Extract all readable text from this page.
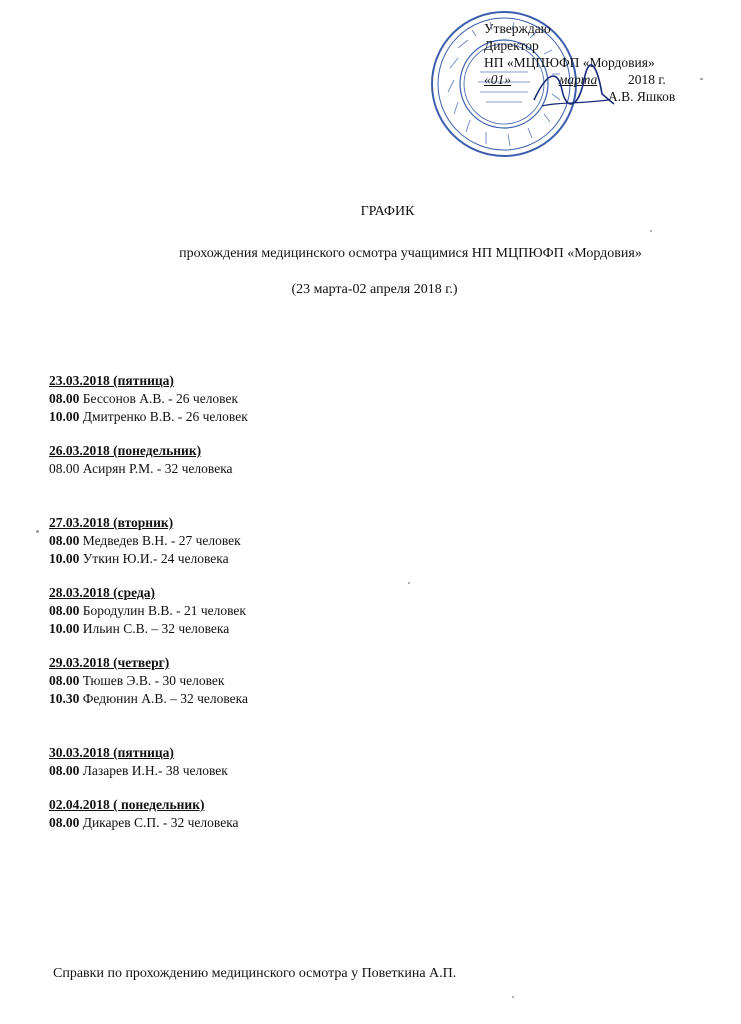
Утверждаю
Директор
НП «МЦПЮФП «Мордовия»
«01»	марта 2018 г.
А.В. Яшков
ГРАФИК
прохождения медицинского осмотра учащимися НП МЦПЮФП «Мордовия»
(23 марта-02 апреля 2018 г.)
23.03.2018 (пятница)
08.00 Бессонов А.В. - 26 человек
10.00 Дмитренко В.В. - 26 человек
26.03.2018 (понедельник)
08.00 Асирян Р.М. - 32 человека
27.03.2018 (вторник)
08.00 Медведев В.Н. - 27 человек
10.00 Уткин Ю.И.- 24 человека
28.03.2018 (среда)
08.00 Бородулин В.В. - 21 человек
10.00 Ильин С.В. – 32 человека
29.03.2018 (четверг)
08.00 Тюшев Э.В. - 30 человек
10.30 Федюнин А.В. – 32 человека
30.03.2018 (пятница)
08.00 Лазарев И.Н.- 38 человек
02.04.2018 ( понедельник)
08.00 Дикарев С.П. - 32 человека
Справки по прохождению медицинского осмотра у Поветкина А.П.
